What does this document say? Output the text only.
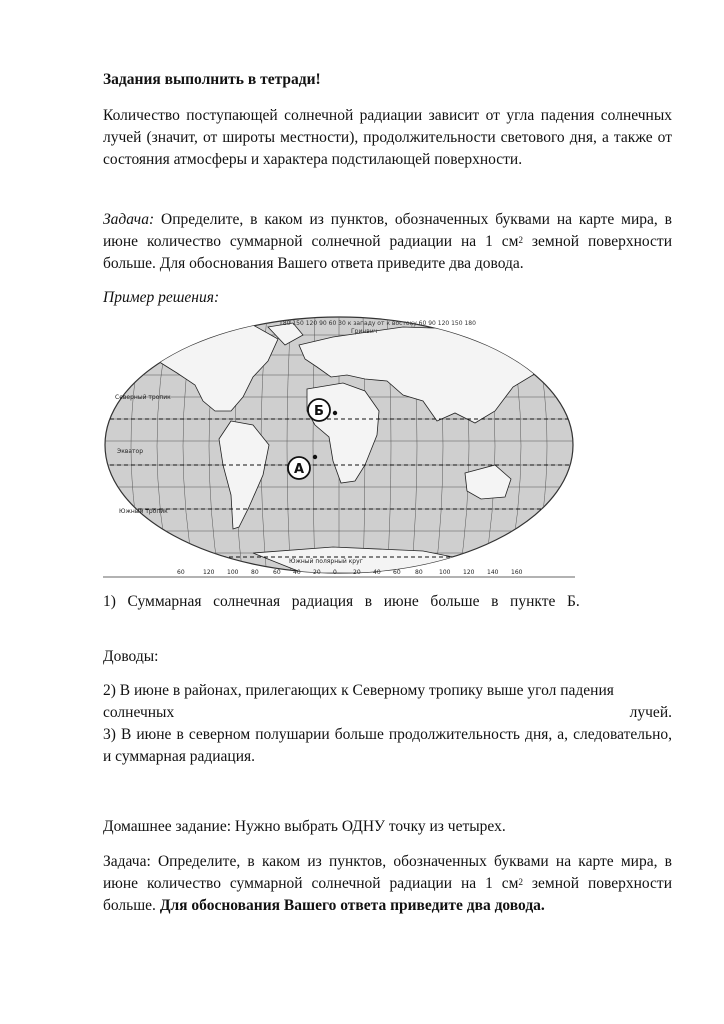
Задания выполнить в тетради!

Количество поступающей солнечной радиации зависит от угла падения солнечных лучей (значит, от широты местности), продолжительности светового дня, а также от состояния атмосферы и характера подстилающей поверхности.

Задача: Определите, в каком из пунктов, обозначенных буквами на карте мира, в июне количество суммарной солнечной радиации на 1 $см^2$ земной поверхности больше. Для обоснования Вашего ответа приведите два довода.

Пример решения:

180 150 120 90 60 30 к западу от к востоку 60 90 120 150 180
Гринвич
Северный тропик
Экватор
Южный тропик
Южный полярный круг
60	120 100 80 60 40 20 0	20 40 60 80	100 120 140 160
Б
А

1)   Суммарная   солнечная   радиация   в   июне   больше   в   пункте   Б.

Доводы:

2) В июне в районах, прилегающих к Северному тропику выше угол падения

солнечных	лучей.

3) В июне в северном полушарии больше продолжительность дня, а, следовательно, и суммарная радиация.

Домашнее задание: Нужно выбрать ОДНУ точку из четырех.

Задача: Определите, в каком из пунктов, обозначенных буквами на карте мира, в июне количество суммарной солнечной радиации на 1 $см^2$ земной поверхности больше. Для обоснования Вашего ответа приведите два довода.
